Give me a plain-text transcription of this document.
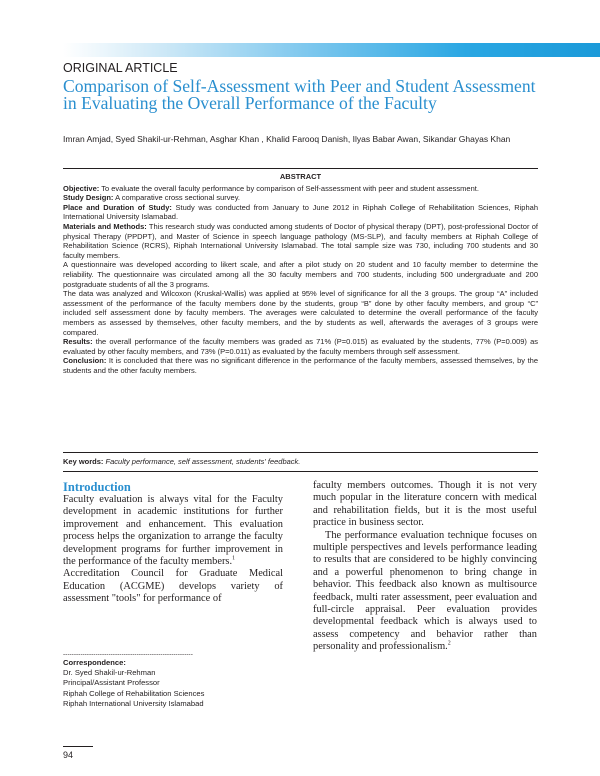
ORIGINAL ARTICLE
Comparison of Self-Assessment with Peer and Student Assessment in Evaluating the Overall Performance of the Faculty
Imran Amjad, Syed Shakil-ur-Rehman, Asghar Khan , Khalid Farooq Danish, Ilyas Babar Awan, Sikandar Ghayas Khan

ABSTRACT

Objective: To evaluate the overall faculty performance by comparison of Self-assessment with peer and student assessment.

Study Design: A comparative cross sectional survey.

Place and Duration of Study: Study was conducted from January to June 2012 in Riphah College of Rehabilitation Sciences, Riphah International University Islamabad.

Materials and Methods: This research study was conducted among students of Doctor of physical therapy (DPT), post-professional Doctor of physical Therapy (PPDPT), and Master of Science in speech language pathology (MS-SLP), and faculty members at Riphah College of Rehabilitation Science (RCRS), Riphah International University Islamabad. The total sample size was 730, including 700 students and 30 faculty members.

A questionnaire was developed according to likert scale, and after a pilot study on 20 student and 10 faculty member to determine the reliability. The questionnaire was circulated among all the 30 faculty members and 700 students, including 500 undergraduate and 200 postgraduate students of all the 3 programs.

The data was analyzed and Wilcoxon (Kruskal-Wallis) was applied at 95% level of significance for all the 3 groups. The group “A” included assessment of the performance of the faculty members done by the students, group “B” done by other faculty members, and group “C” included self assessment done by faculty members. The averages were calculated to determine the overall performance of the faculty members as assessed by themselves, other faculty members, and the by students as well, afterwards the averages of 3 groups were compared.

Results: the overall performance of the faculty members was graded as 71% (P=0.015) as evaluated by the students, 77% (P=0.009) as evaluated by other faculty members, and 73% (P=0.011) as evaluated by the faculty members through self assessment.

Conclusion: It is concluded that there was no significant difference in the performance of the faculty members, assessed themselves, by the students and the other faculty members.

Key words: Faculty performance, self assessment, students' feedback.

Introduction

Faculty evaluation is always vital for the Faculty development in academic institutions for further improvement and enhancement. This evaluation process helps the organization to arrange the faculty development programs for further improvement in the performance of the faculty members.$^1$

Accreditation Council for Graduate Medical Education (ACGME) develops variety of assessment "tools" for performance of

faculty members outcomes. Though it is not very much popular in the literature concern with medical and rehabilitation fields, but it is the most useful practice in business sector.

The performance evaluation technique focuses on multiple perspectives and levels performance leading to results that are considered to be highly convincing and a powerful phenomenon to bring change in behavior. This feedback also known as multisource feedback, multi rater assessment, peer evaluation and full-circle appraisal. Peer evaluation provides developmental feedback which is always used to assess competency and behavior rather than personality and professionalism.$^2$

------------------------------------------------------------
Correspondence:
Dr. Syed Shakil-ur-Rehman
Principal/Assistant Professor
Riphah College of Rehabilitation Sciences
Riphah International University Islamabad
94
